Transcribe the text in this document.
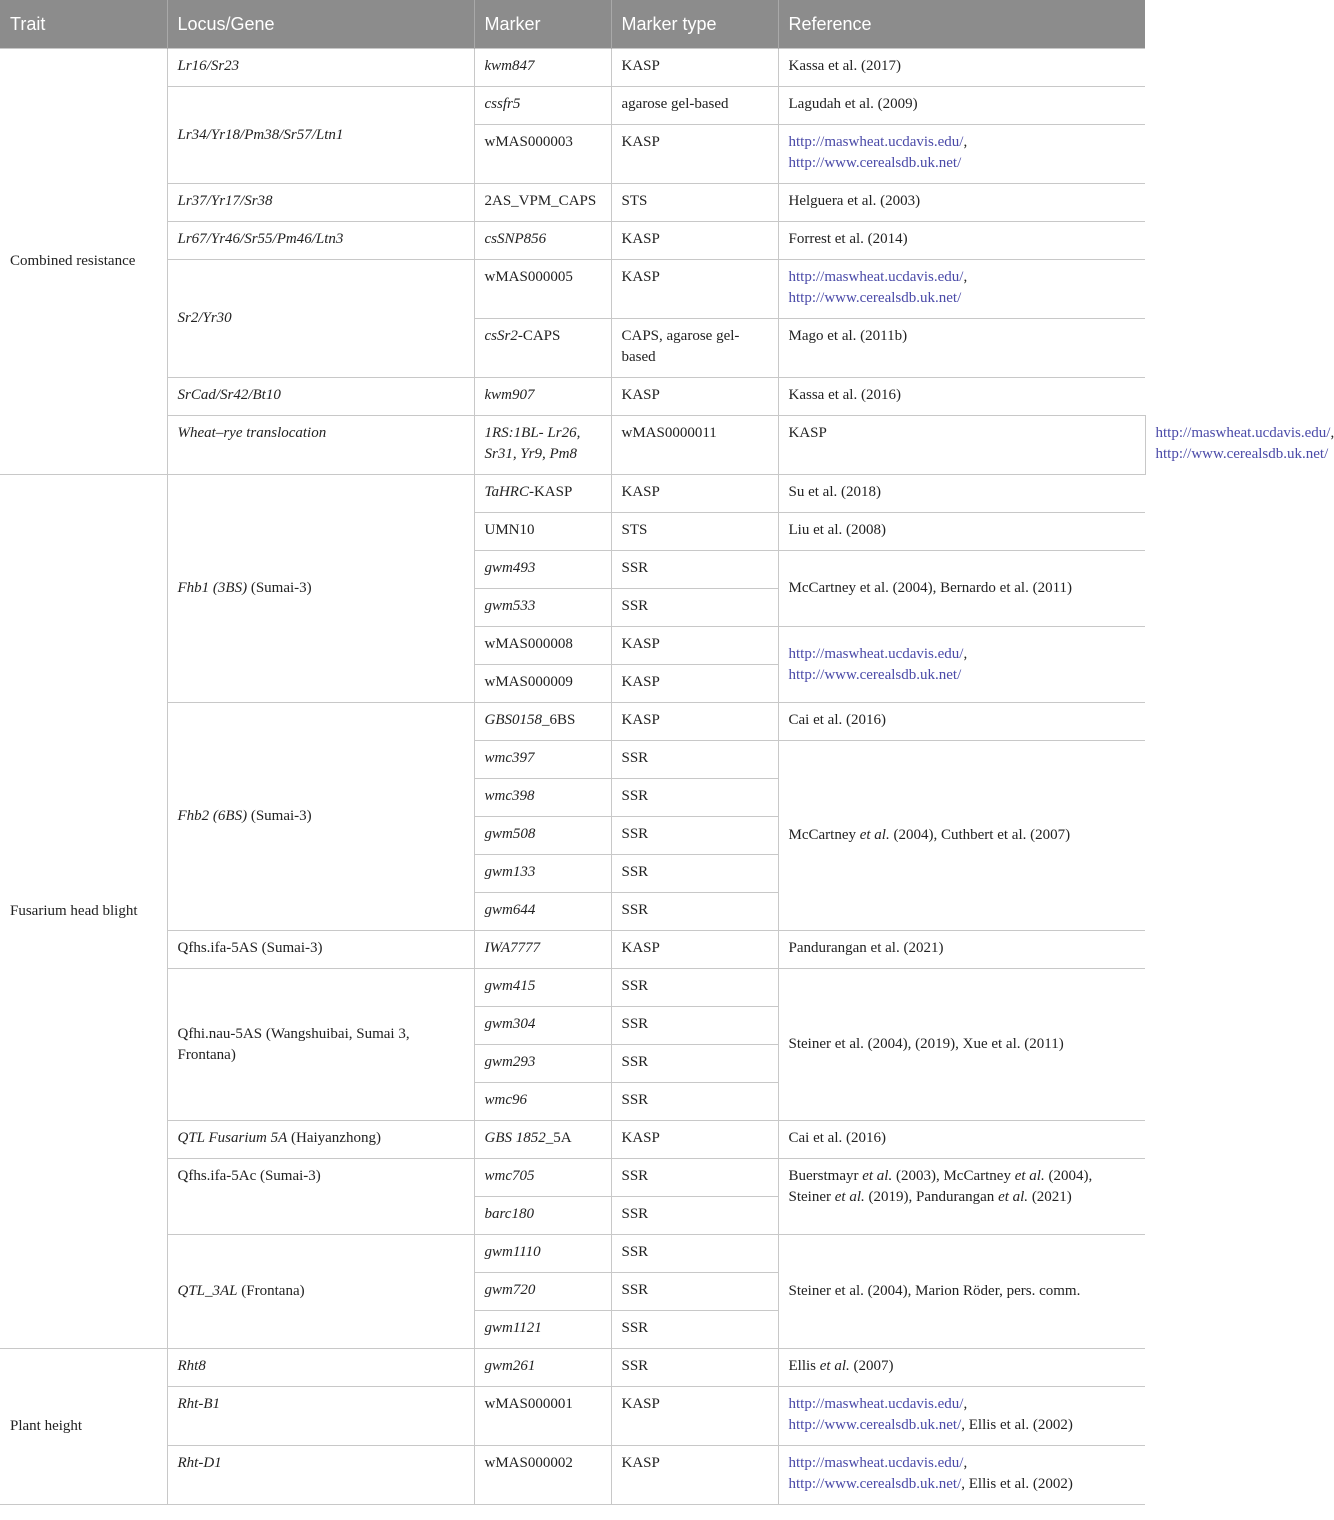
Trait	Locus/Gene	Marker	Marker type	Reference	
Combined resistance	Lr16/Sr23	kwm847	KASP	Kassa et al. (2017)	
	Lr34/Yr18/Pm38/Sr57/Ltn1	cssfr5	agarose gel-based	Lagudah et al. (2009)	
		wMAS000003	KASP	http://maswheat.ucdavis.edu/, http://www.cerealsdb.uk.net/	
	Lr37/Yr17/Sr38	2AS_VPM_CAPS	STS	Helguera et al. (2003)	
	Lr67/Yr46/Sr55/Pm46/Ltn3	csSNP856	KASP	Forrest et al. (2014)	
	Sr2/Yr30	wMAS000005	KASP	http://maswheat.ucdavis.edu/, http://www.cerealsdb.uk.net/	
		csSr2-CAPS	CAPS, agarose gel-based	Mago et al. (2011b)	
	SrCad/Sr42/Bt10	kwm907	KASP	Kassa et al. (2016)	
	Wheat–rye translocation	1RS:1BL- Lr26, Sr31, Yr9, Pm8	wMAS0000011	KASP	http://maswheat.ucdavis.edu/, http://www.cerealsdb.uk.net/
Fusarium head blight	Fhb1 (3BS) (Sumai-3)	TaHRC-KASP	KASP	Su et al. (2018)	
		UMN10	STS	Liu et al. (2008)	
		gwm493	SSR	McCartney et al. (2004), Bernardo et al. (2011)	
		gwm533	SSR		
		wMAS000008	KASP	http://maswheat.ucdavis.edu/, http://www.cerealsdb.uk.net/	
		wMAS000009	KASP		
	Fhb2 (6BS) (Sumai-3)	GBS0158_6BS	KASP	Cai et al. (2016)	
		wmc397	SSR	McCartney et al. (2004), Cuthbert et al. (2007)	
		wmc398	SSR		
		gwm508	SSR		
		gwm133	SSR		
		gwm644	SSR		
	Qfhs.ifa-5AS (Sumai-3)	IWA7777	KASP	Pandurangan et al. (2021)	
	Qfhi.nau-5AS (Wangshuibai, Sumai 3, Frontana)	gwm415	SSR	Steiner et al. (2004), (2019), Xue et al. (2011)	
		gwm304	SSR		
		gwm293	SSR		
		wmc96	SSR		
	QTL Fusarium 5A (Haiyanzhong)	GBS 1852_5A	KASP	Cai et al. (2016)	
	Qfhs.ifa-5Ac (Sumai-3)	wmc705	SSR	Buerstmayr et al. (2003), McCartney et al. (2004), Steiner et al. (2019), Pandurangan et al. (2021)	
		barc180	SSR		
	QTL_3AL (Frontana)	gwm1110	SSR	Steiner et al. (2004), Marion Röder, pers. comm.	
		gwm720	SSR		
		gwm1121	SSR		
Plant height	Rht8	gwm261	SSR	Ellis et al. (2007)	
	Rht-B1	wMAS000001	KASP	http://maswheat.ucdavis.edu/, http://www.cerealsdb.uk.net/, Ellis et al. (2002)	
	Rht-D1	wMAS000002	KASP	http://maswheat.ucdavis.edu/, http://www.cerealsdb.uk.net/, Ellis et al. (2002)	
